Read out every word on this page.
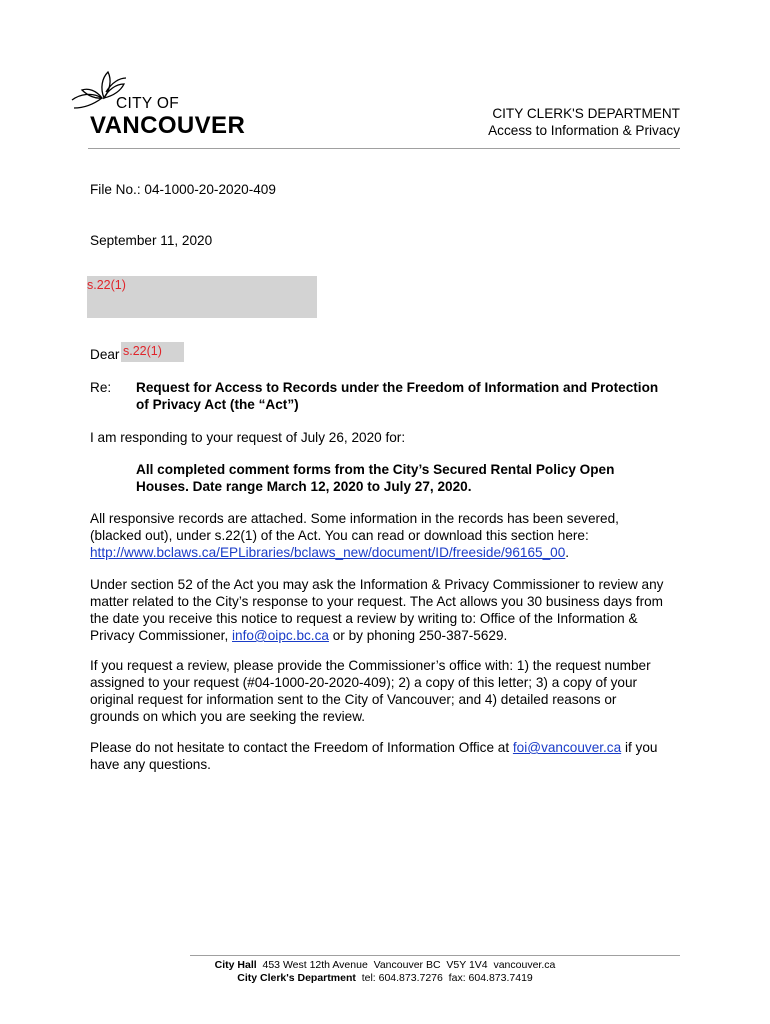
CITY OF
VANCOUVER	CITY CLERK'S DEPARTMENT
Access to Information & Privacy
File No.: 04-1000-20-2020-409
September 11, 2020
s.22(1)
Dear s.22(1)
Re: Request for Access to Records under the Freedom of Information and Protection
of Privacy Act (the “Act”)
I am responding to your request of July 26, 2020 for:
All completed comment forms from the City’s Secured Rental Policy Open
Houses. Date range March 12, 2020 to July 27, 2020.
All responsive records are attached. Some information in the records has been severed,
(blacked out), under s.22(1) of the Act. You can read or download this section here:
http://www.bclaws.ca/EPLibraries/bclaws_new/document/ID/freeside/96165_00.
Under section 52 of the Act you may ask the Information & Privacy Commissioner to review any
matter related to the City’s response to your request. The Act allows you 30 business days from
the date you receive this notice to request a review by writing to: Office of the Information &
Privacy Commissioner, info@oipc.bc.ca or by phoning 250-387-5629.
If you request a review, please provide the Commissioner’s office with: 1) the request number
assigned to your request (#04-1000-20-2020-409); 2) a copy of this letter; 3) a copy of your
original request for information sent to the City of Vancouver; and 4) detailed reasons or
grounds on which you are seeking the review.
Please do not hesitate to contact the Freedom of Information Office at foi@vancouver.ca if you
have any questions.
City Hall  453 West 12th Avenue  Vancouver BC  V5Y 1V4  vancouver.ca
City Clerk's Department  tel: 604.873.7276  fax: 604.873.7419
